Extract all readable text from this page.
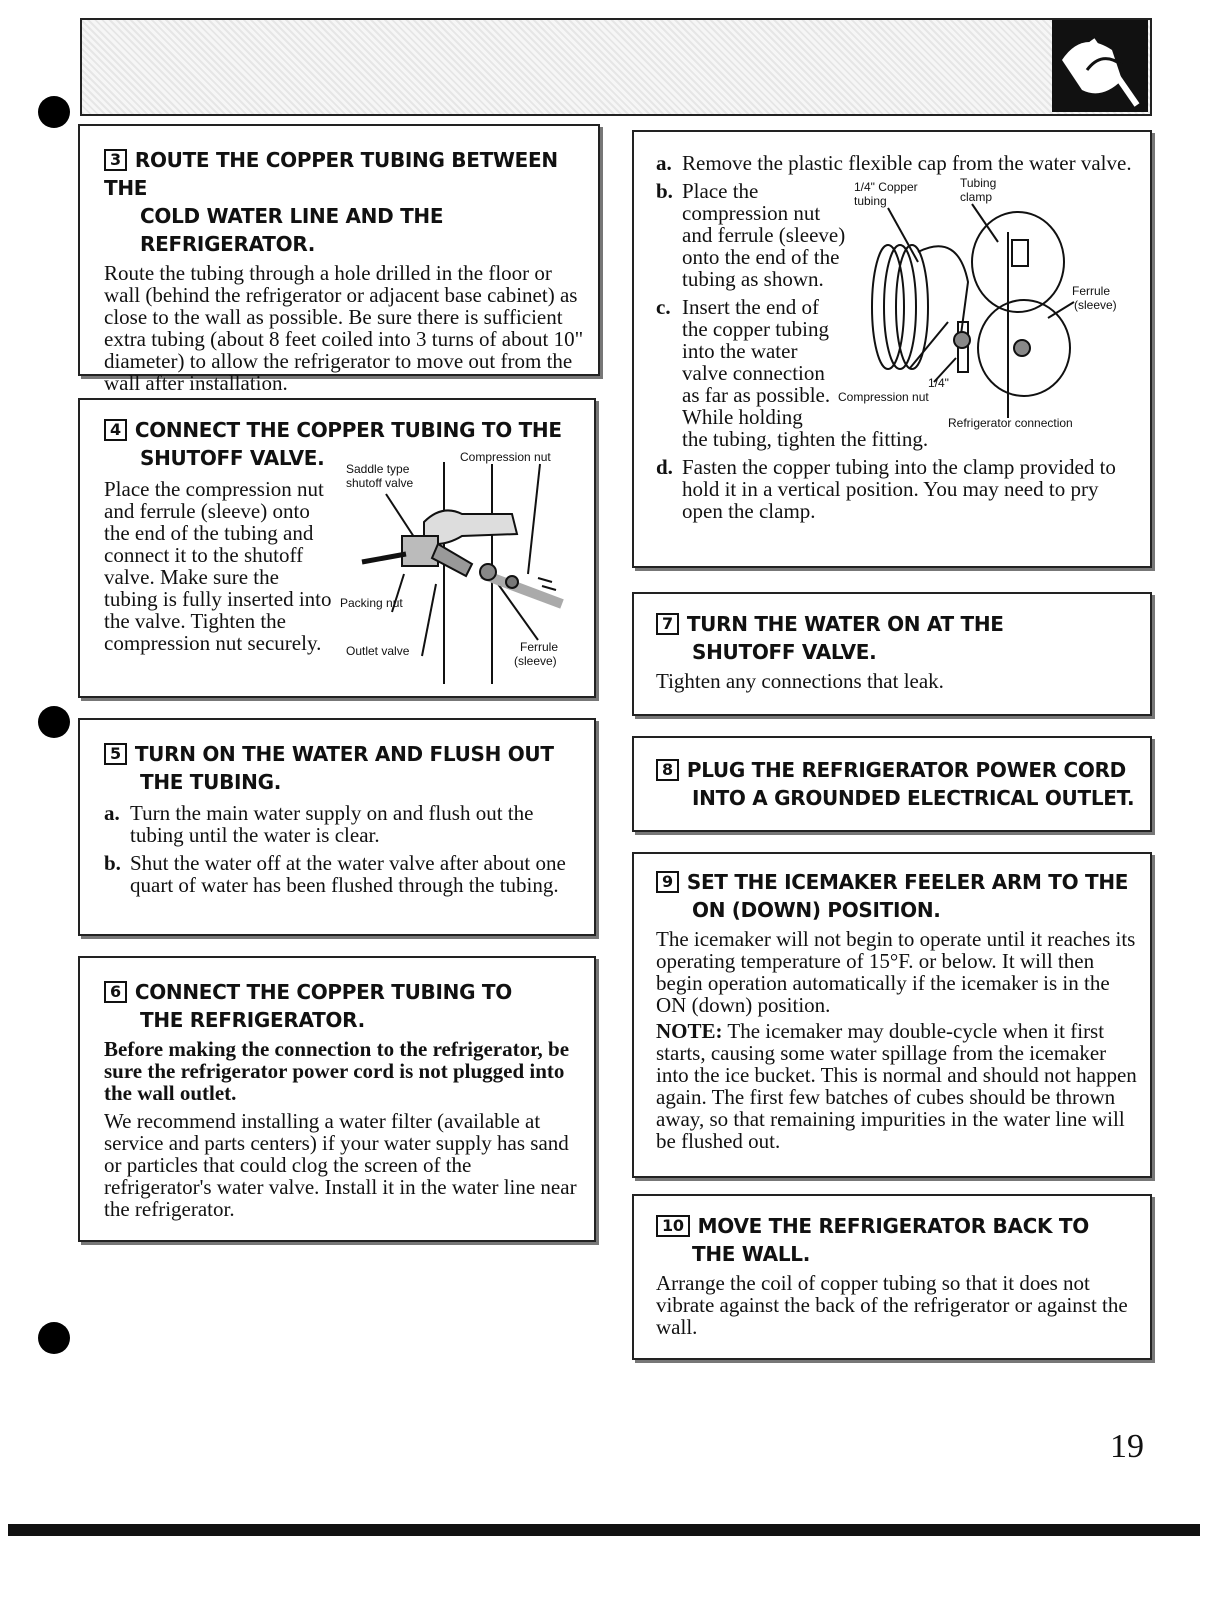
3 ROUTE THE COPPER TUBING BETWEEN THE
COLD WATER LINE AND THE REFRIGERATOR.
Route the tubing through a hole drilled in the floor or wall (behind the refrigerator or adjacent base cabinet) as close to the wall as possible. Be sure there is sufficient extra tubing (about 8 feet coiled into 3 turns of about 10" diameter) to allow the refrigerator to move out from the wall after installation.
4 CONNECT THE COPPER TUBING TO THE
SHUTOFF VALVE.
Place the compression nut and ferrule (sleeve) onto the end of the tubing and connect it to the shutoff valve. Make sure the tubing is fully inserted into the valve. Tighten the compression nut securely.
Saddle type
shutoff valve
Compression nut
Packing nut
Outlet valve	Ferrule
(sleeve)
5 TURN ON THE WATER AND FLUSH OUT
THE TUBING.
a. Turn the main water supply on and flush out the tubing until the water is clear.
b. Shut the water off at the water valve after about one quart of water has been flushed through the tubing.
6 CONNECT THE COPPER TUBING TO
THE REFRIGERATOR.
Before making the connection to the refrigerator, be sure the refrigerator power cord is not plugged into the wall outlet.
We recommend installing a water filter (available at service and parts centers) if your water supply has sand or particles that could clog the screen of the refrigerator's water valve. Install it in the water line near the refrigerator.
a. Remove the plastic flexible cap from the water valve.
b. Place the
compression nut
and ferrule (sleeve)
onto the end of the
tubing as shown.
c. Insert the end of
the copper tubing
into the water
valve connection
as far as possible.
While holding
the tubing, tighten the fitting.
d. Fasten the copper tubing into the clamp provided to hold it in a vertical position. You may need to pry open the clamp.
1/4" Copper
tubing
Tubing
clamp
Ferrule
(sleeve)
1/4"
Compression nut
Refrigerator connection
7 TURN THE WATER ON AT THE
SHUTOFF VALVE.
Tighten any connections that leak.
8 PLUG THE REFRIGERATOR POWER CORD
INTO A GROUNDED ELECTRICAL OUTLET.
9 SET THE ICEMAKER FEELER ARM TO THE
ON (DOWN) POSITION.
The icemaker will not begin to operate until it reaches its operating temperature of 15°F. or below. It will then begin operation automatically if the icemaker is in the ON (down) position.
NOTE: The icemaker may double-cycle when it first starts, causing some water spillage from the icemaker into the ice bucket. This is normal and should not happen again. The first few batches of cubes should be thrown away, so that remaining impurities in the water line will be flushed out.
10 MOVE THE REFRIGERATOR BACK TO
THE WALL.
Arrange the coil of copper tubing so that it does not vibrate against the back of the refrigerator or against the wall.
19
